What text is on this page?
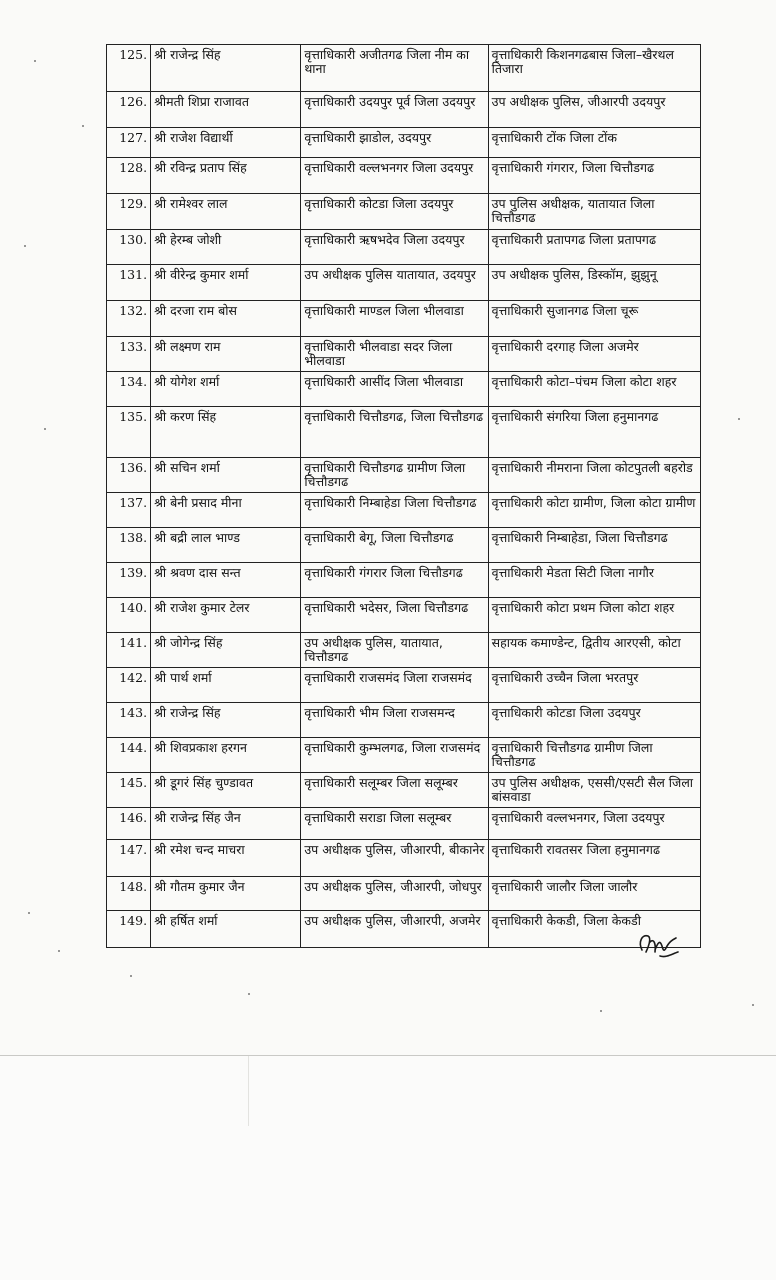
125.	श्री राजेन्द्र सिंह	वृत्ताधिकारी अजीतगढ जिला नीम का थाना	वृत्ताधिकारी किशनगढबास जिला–खैरथल तिजारा
126.	श्रीमती शिप्रा राजावत	वृत्ताधिकारी उदयपुर पूर्व जिला उदयपुर	उप अधीक्षक पुलिस, जीआरपी उदयपुर
127.	श्री राजेश विद्यार्थी	वृत्ताधिकारी झाडोल, उदयपुर	वृत्ताधिकारी टोंक जिला टोंक
128.	श्री रविन्द्र प्रताप सिंह	वृत्ताधिकारी वल्लभनगर जिला उदयपुर	वृत्ताधिकारी गंगरार, जिला चित्तौडगढ
129.	श्री रामेश्वर लाल	वृत्ताधिकारी कोटडा जिला उदयपुर	उप पुलिस अधीक्षक, यातायात जिला चित्तौडगढ
130.	श्री हेरम्ब जोशी	वृत्ताधिकारी ऋषभदेव जिला उदयपुर	वृत्ताधिकारी प्रतापगढ जिला प्रतापगढ
131.	श्री वीरेन्द्र कुमार शर्मा	उप अधीक्षक पुलिस यातायात, उदयपुर	उप अधीक्षक पुलिस, डिस्कॉम, झुझुनू
132.	श्री दरजा राम बोस	वृत्ताधिकारी माण्डल जिला भीलवाडा	वृत्ताधिकारी सुजानगढ जिला चूरू
133.	श्री लक्ष्मण राम	वृत्ताधिकारी भीलवाडा सदर जिला भीलवाडा	वृत्ताधिकारी दरगाह जिला अजमेर
134.	श्री योगेश शर्मा	वृत्ताधिकारी आसींद जिला भीलवाडा	वृत्ताधिकारी कोटा–पंचम जिला कोटा शहर
135.	श्री करण सिंह	वृत्ताधिकारी चित्तौडगढ, जिला चित्तौडगढ	वृत्ताधिकारी संगरिया जिला हनुमानगढ
136.	श्री सचिन शर्मा	वृत्ताधिकारी चित्तौडगढ ग्रामीण जिला चित्तौडगढ	वृत्ताधिकारी नीमराना जिला कोटपुतली बहरोड
137.	श्री बेनी प्रसाद मीना	वृत्ताधिकारी निम्बाहेडा जिला चित्तौडगढ	वृत्ताधिकारी कोटा ग्रामीण, जिला कोटा ग्रामीण
138.	श्री बद्री लाल भाण्ड	वृत्ताधिकारी बेगू, जिला चित्तौडगढ	वृत्ताधिकारी निम्बाहेडा, जिला चित्तौडगढ
139.	श्री श्रवण दास सन्त	वृत्ताधिकारी गंगरार जिला चित्तौडगढ	वृत्ताधिकारी मेडता सिटी जिला नागौर
140.	श्री राजेश कुमार टेलर	वृत्ताधिकारी भदेसर, जिला चित्तौडगढ	वृत्ताधिकारी कोटा प्रथम जिला कोटा शहर
141.	श्री जोगेन्द्र सिंह	उप अधीक्षक पुलिस, यातायात, चित्तौडगढ	सहायक कमाण्डेन्ट, द्वितीय आरएसी, कोटा
142.	श्री पार्थ शर्मा	वृत्ताधिकारी राजसमंद जिला राजसमंद	वृत्ताधिकारी उच्चैन जिला भरतपुर
143.	श्री राजेन्द्र सिंह	वृत्ताधिकारी भीम जिला राजसमन्द	वृत्ताधिकारी कोटडा जिला उदयपुर
144.	श्री शिवप्रकाश हरगन	वृत्ताधिकारी कुम्भलगढ, जिला राजसमंद	वृत्ताधिकारी चित्तौडगढ ग्रामीण जिला चित्तौडगढ
145.	श्री डूगरं सिंह चुण्डावत	वृत्ताधिकारी सलूम्बर जिला सलूम्बर	उप पुलिस अधीक्षक, एससी/एसटी सैल जिला बांसवाडा
146.	श्री राजेन्द्र सिंह जैन	वृत्ताधिकारी सराडा जिला सलूम्बर	वृत्ताधिकारी वल्लभनगर, जिला उदयपुर
147.	श्री रमेश चन्द माचरा	उप अधीक्षक पुलिस, जीआरपी, बीकानेर	वृत्ताधिकारी रावतसर जिला हनुमानगढ
148.	श्री गौतम कुमार जैन	उप अधीक्षक पुलिस, जीआरपी, जोधपुर	वृत्ताधिकारी जालौर जिला जालौर
149.	श्री हर्षित शर्मा	उप अधीक्षक पुलिस, जीआरपी, अजमेर	वृत्ताधिकारी केकडी, जिला केकडी
